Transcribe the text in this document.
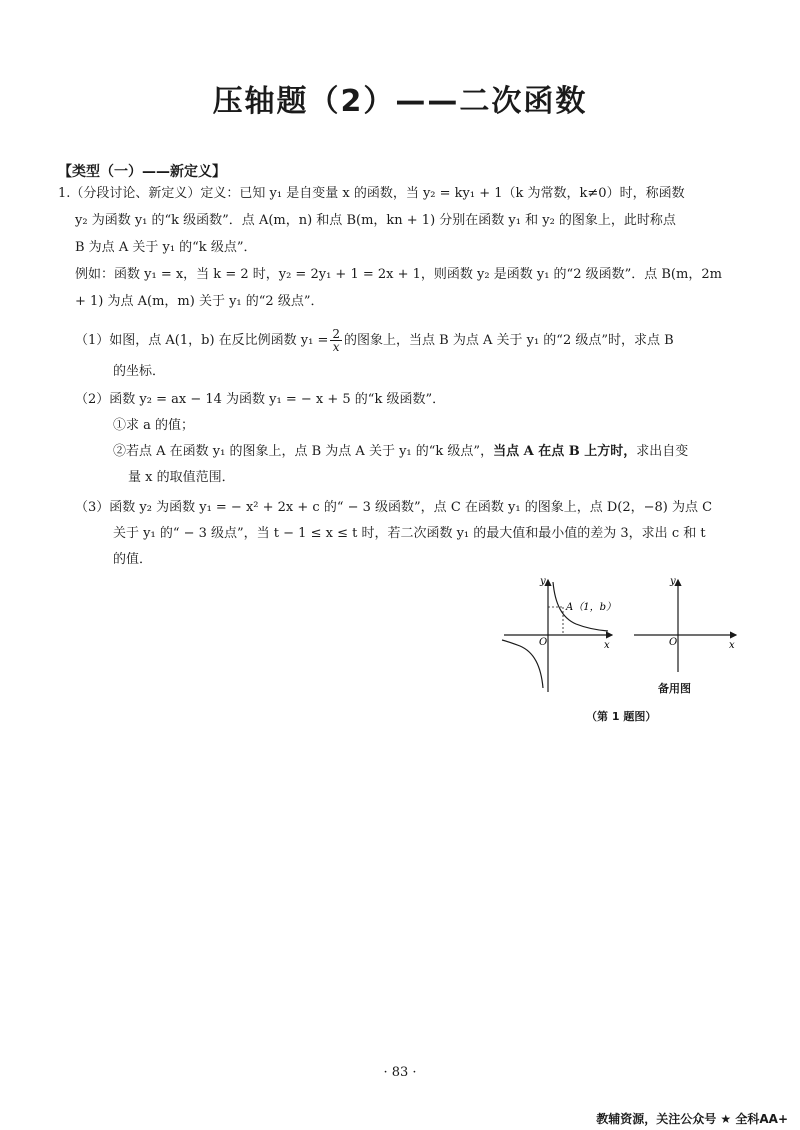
压轴题（2）——二次函数
【类型（一）——新定义】
1.（分段讨论、新定义）定义：已知 y₁ 是自变量 x 的函数，当 y₂ = ky₁ + 1（k 为常数，k≠0）时，称函数
y₂ 为函数 y₁ 的“k 级函数”．点 A(m，n) 和点 B(m，kn + 1) 分别在函数 y₁ 和 y₂ 的图象上，此时称点
B 为点 A 关于 y₁ 的“k 级点”．
例如：函数 y₁ = x，当 k = 2 时，y₂ = 2y₁ + 1 = 2x + 1，则函数 y₂ 是函数 y₁ 的“2 级函数”．点 B(m，2m
+ 1) 为点 A(m，m) 关于 y₁ 的“2 级点”．
（1）如图，点 A(1，b) 在反比例函数 $y_1 = \frac{2}{x}$ 的图象上，当点 B 为点 A 关于 y₁ 的“2 级点”时，求点 B
的坐标．
（2）函数 y₂ = ax − 14 为函数 y₁ = − x + 5 的“k 级函数”．
①求 a 的值；
②若点 A 在函数 y₁ 的图象上，点 B 为点 A 关于 y₁ 的“k 级点”，当点 A 在点 B 上方时，求出自变
量 x 的取值范围．
（3）函数 y₂ 为函数 y₁ = − x² + 2x + c 的“ − 3 级函数”，点 C 在函数 y₁ 的图象上，点 D(2，−8) 为点 C
关于 y₁ 的“ − 3 级点”，当 t − 1 ≤ x ≤ t 时，若二次函数 y₁ 的最大值和最小值的差为 3，求出 c 和 t
的值．
y
x
O
A（1，b）
y
x
O
备用图
（第 1 题图）
· 83 ·
教辅资源，关注公众号 ★ 全科AA+
